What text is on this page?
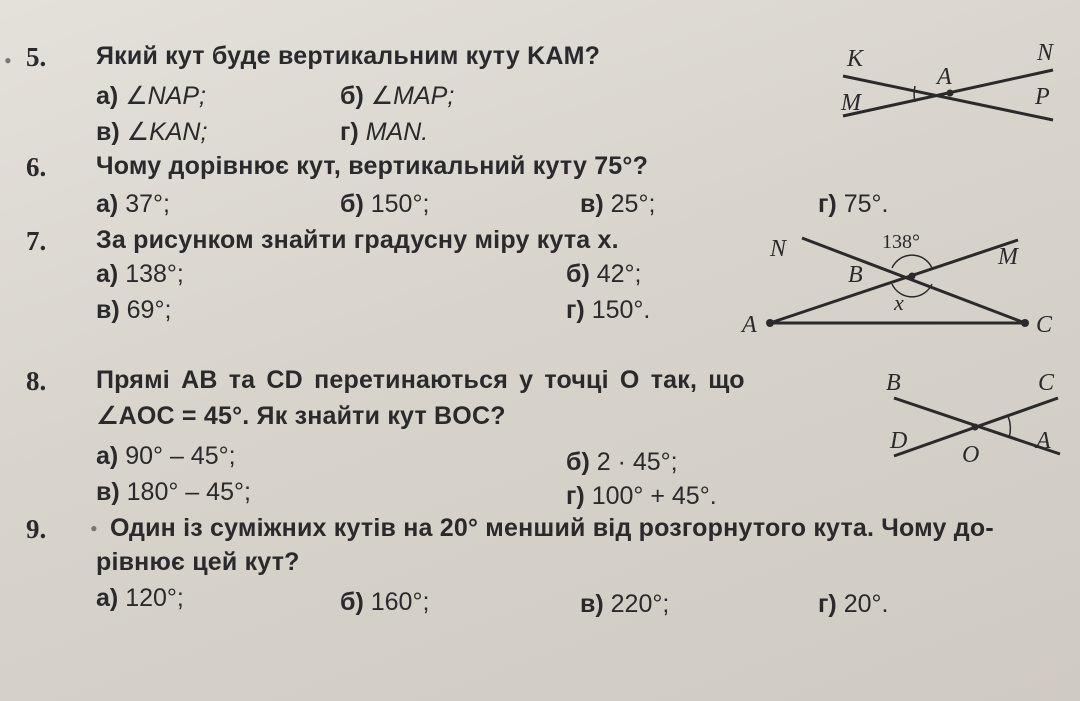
•
•
5. Який кут буде вертикальним куту KAM?
а) ∠NAP;	б) ∠MAP;
в) ∠KAN;	г) MAN.
6. Чому дорівнює кут, вертикальний куту 75°?
а) 37°;	б) 150°;	в) 25°;	г) 75°.
7. За рисунком знайти градусну міру кута x.
а) 138°;	б) 42°;
в) 69°;	г) 150°.
8. Прямі AB та CD перетинаються у точці O так, що
∠AOC = 45°. Як знайти кут BOC?
а) 90° – 45°;	б) 2 · 45°;
в) 180° – 45°;	г) 100° + 45°.
9.	Один із суміжних кутів на 20° менший від розгорнутого кута. Чому до-
рівнює цей кут?
а) 120°;	б) 160°;	в) 220°;	г) 20°.
K	N
A
M	P
N	138°
M
B
x
A	C
B	C
D
O
A
